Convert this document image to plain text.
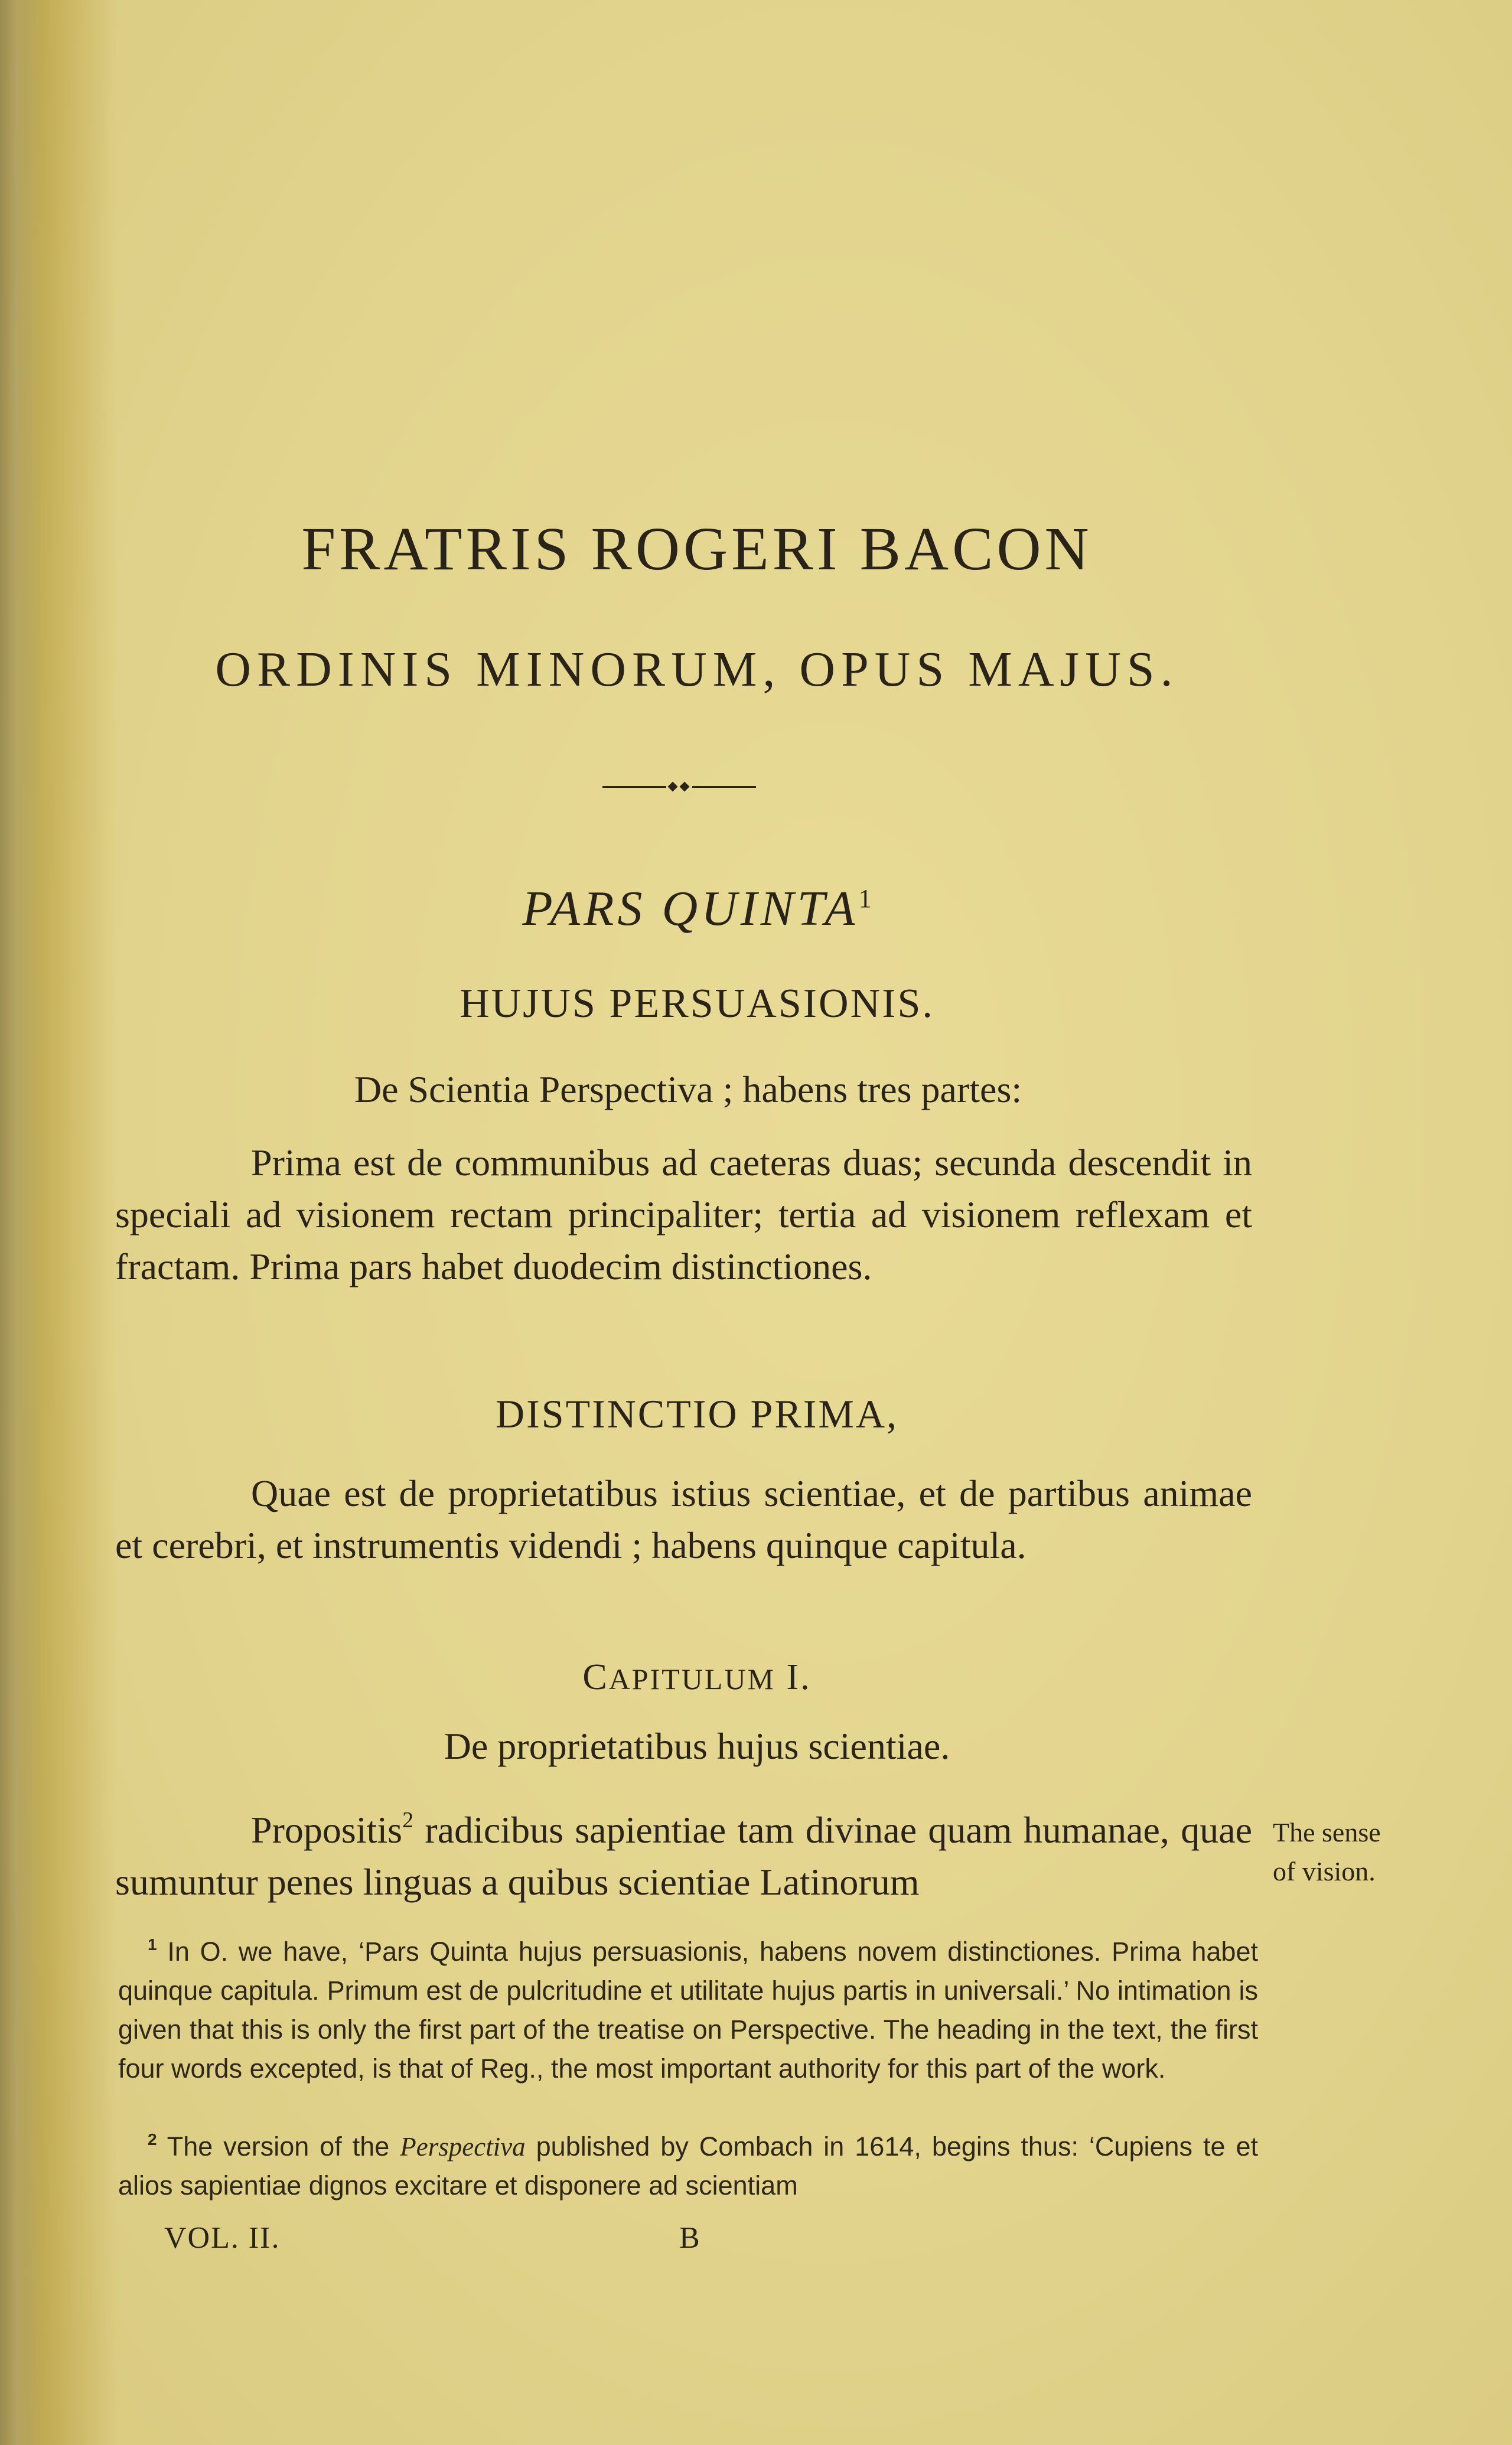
FRATRIS ROGERI BACON
ORDINIS MINORUM, OPUS MAJUS.
PARS QUINTA$^1$
HUJUS PERSUASIONIS.
De Scientia Perspectiva ; habens tres partes:

Prima est de communibus ad caeteras duas; secunda descendit in speciali ad visionem rectam principaliter; tertia ad visionem reflexam et fractam. Prima pars habet duodecim distinctiones.

DISTINCTIO PRIMA,

Quae est de proprietatibus istius scientiae, et de partibus animae et cerebri, et instrumentis videndi ; habens quinque capitula.

CAPITULUM I.
De proprietatibus hujus scientiae.

Propositis$^2$ radicibus sapientiae tam divinae quam humanae, quae sumuntur penes linguas a quibus scientiae Latinorum

The sense
of vision.

$^1$ In O. we have, ‘Pars Quinta hujus persuasionis, habens novem distinctiones. Prima habet quinque capitula. Primum est de pulcritudine et utilitate hujus partis in universali.’ No intimation is given that this is only the first part of the treatise on Perspective. The heading in the text, the first four words excepted, is that of Reg., the most important authority for this part of the work.

$^2$ The version of the Perspectiva published by Combach in 1614, begins thus: ‘Cupiens te et alios sapientiae dignos excitare et disponere ad scientiam

VOL. II.	B
